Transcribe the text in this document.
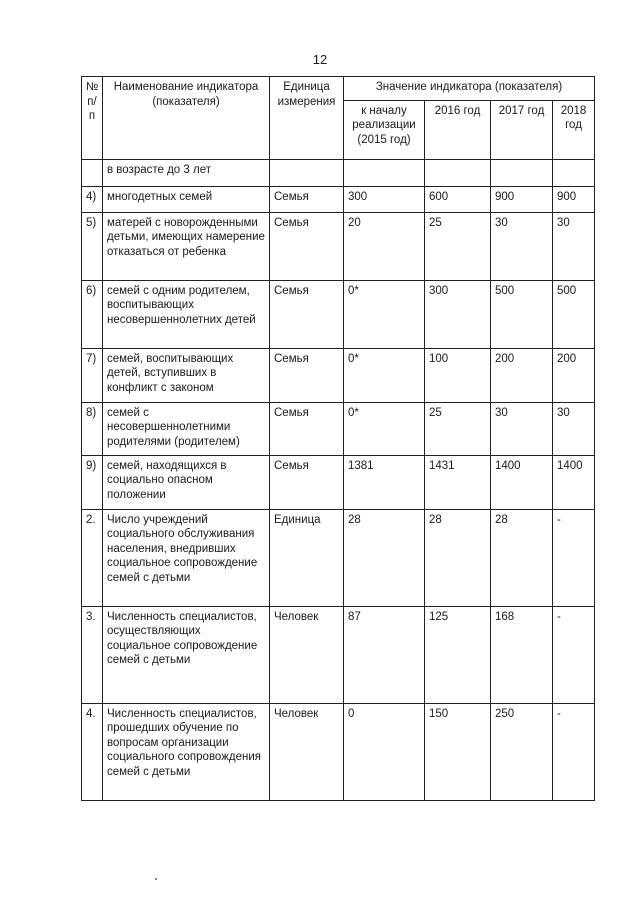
12
№ п/п	Наименование индикатора (показателя)	Единица измерения	Значение индикатора (показателя)			
			к началу реализации (2015 год)	2016 год	2017 год	2018 год
	в возрасте до 3 лет					
4)	многодетных семей	Семья	300	600	900	900
5)	матерей с новорожденными детьми, имеющих намерение отказаться от ребенка	Семья	20	25	30	30
6)	семей с одним родителем, воспитывающих несовершеннолетних детей	Семья	0*	300	500	500
7)	семей, воспитывающих детей, вступивших в конфликт с законом	Семья	0*	100	200	200
8)	семей с несовершеннолетними родителями (родителем)	Семья	0*	25	30	30
9)	семей, находящихся в социально опасном положении	Семья	1381	1431	1400	1400
2.	Число учреждений социального обслуживания населения, внедривших социальное сопровождение семей с детьми	Единица	28	28	28	-
3.	Численность специалистов, осуществляющих социальное сопровождение семей с детьми	Человек	87	125	168	-
4.	Численность специалистов, прошедших обучение по вопросам организации социального сопровождения семей с детьми	Человек	0	150	250	-
